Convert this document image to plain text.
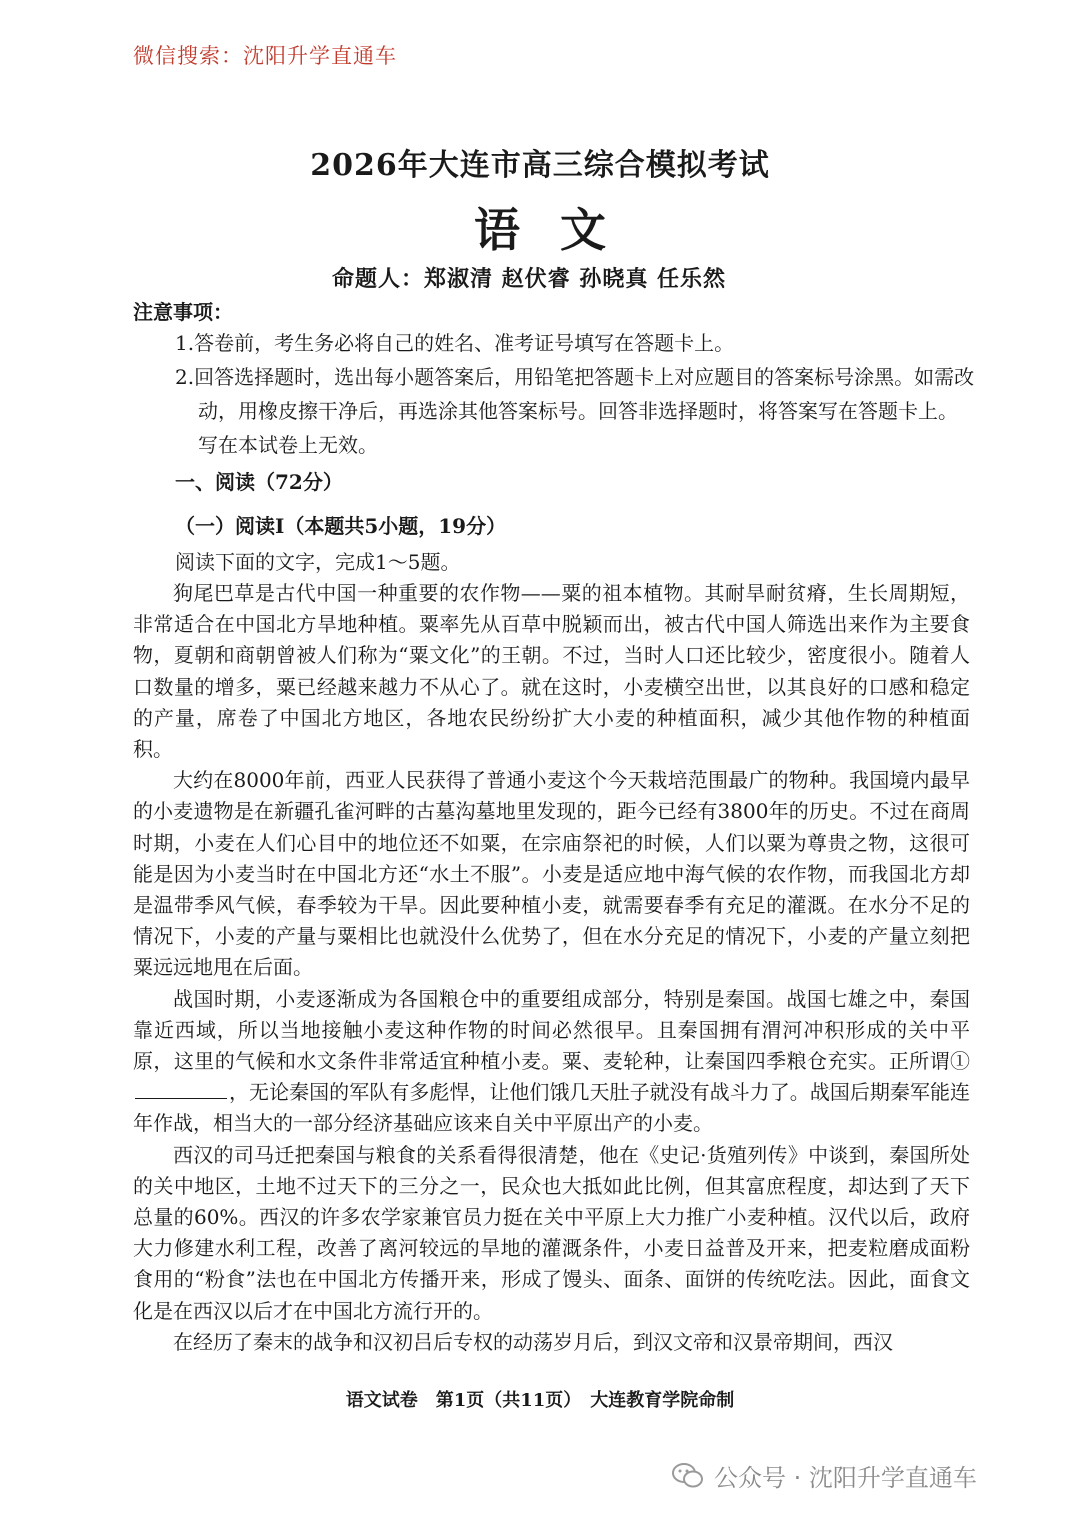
微信搜索：沈阳升学直通车
2026年大连市高三综合模拟考试
语文
命题人：郑淑清 赵伏睿 孙晓真 任乐然
注意事项：
1.答卷前，考生务必将自己的姓名、准考证号填写在答题卡上。
2.回答选择题时，选出每小题答案后，用铅笔把答题卡上对应题目的答案标号涂黑。如需改动，用橡皮擦干净后，再选涂其他答案标号。回答非选择题时，将答案写在答题卡上。写在本试卷上无效。
一、阅读（72分）
（一）阅读Ⅰ（本题共5小题，19分）
阅读下面的文字，完成1～5题。

狗尾巴草是古代中国一种重要的农作物——粟的祖本植物。其耐旱耐贫瘠，生长周期短，非常适合在中国北方旱地种植。粟率先从百草中脱颖而出，被古代中国人筛选出来作为主要食物，夏朝和商朝曾被人们称为“粟文化”的王朝。不过，当时人口还比较少，密度很小。随着人口数量的增多，粟已经越来越力不从心了。就在这时，小麦横空出世，以其良好的口感和稳定的产量，席卷了中国北方地区，各地农民纷纷扩大小麦的种植面积，减少其他作物的种植面积。

大约在8000年前，西亚人民获得了普通小麦这个今天栽培范围最广的物种。我国境内最早的小麦遗物是在新疆孔雀河畔的古墓沟墓地里发现的，距今已经有3800年的历史。不过在商周时期，小麦在人们心目中的地位还不如粟，在宗庙祭祀的时候，人们以粟为尊贵之物，这很可能是因为小麦当时在中国北方还“水土不服”。小麦是适应地中海气候的农作物，而我国北方却是温带季风气候，春季较为干旱。因此要种植小麦，就需要春季有充足的灌溉。在水分不足的情况下，小麦的产量与粟相比也就没什么优势了，但在水分充足的情况下，小麦的产量立刻把粟远远地甩在后面。

战国时期，小麦逐渐成为各国粮仓中的重要组成部分，特别是秦国。战国七雄之中，秦国靠近西域，所以当地接触小麦这种作物的时间必然很早。且秦国拥有渭河冲积形成的关中平原，这里的气候和水文条件非常适宜种植小麦。粟、麦轮种，让秦国四季粮仓充实。正所谓①，无论秦国的军队有多彪悍，让他们饿几天肚子就没有战斗力了。战国后期秦军能连年作战，相当大的一部分经济基础应该来自关中平原出产的小麦。

西汉的司马迁把秦国与粮食的关系看得很清楚，他在《史记·货殖列传》中谈到，秦国所处的关中地区，土地不过天下的三分之一，民众也大抵如此比例，但其富庶程度，却达到了天下总量的60%。西汉的许多农学家兼官员力挺在关中平原上大力推广小麦种植。汉代以后，政府大力修建水利工程，改善了离河较远的旱地的灌溉条件，小麦日益普及开来，把麦粒磨成面粉食用的“粉食”法也在中国北方传播开来，形成了馒头、面条、面饼的传统吃法。因此，面食文化是在西汉以后才在中国北方流行开的。

在经历了秦末的战争和汉初吕后专权的动荡岁月后，到汉文帝和汉景帝期间，西汉

语文试卷　第1页（共11页）　大连教育学院命制
公众号 · 沈阳升学直通车
